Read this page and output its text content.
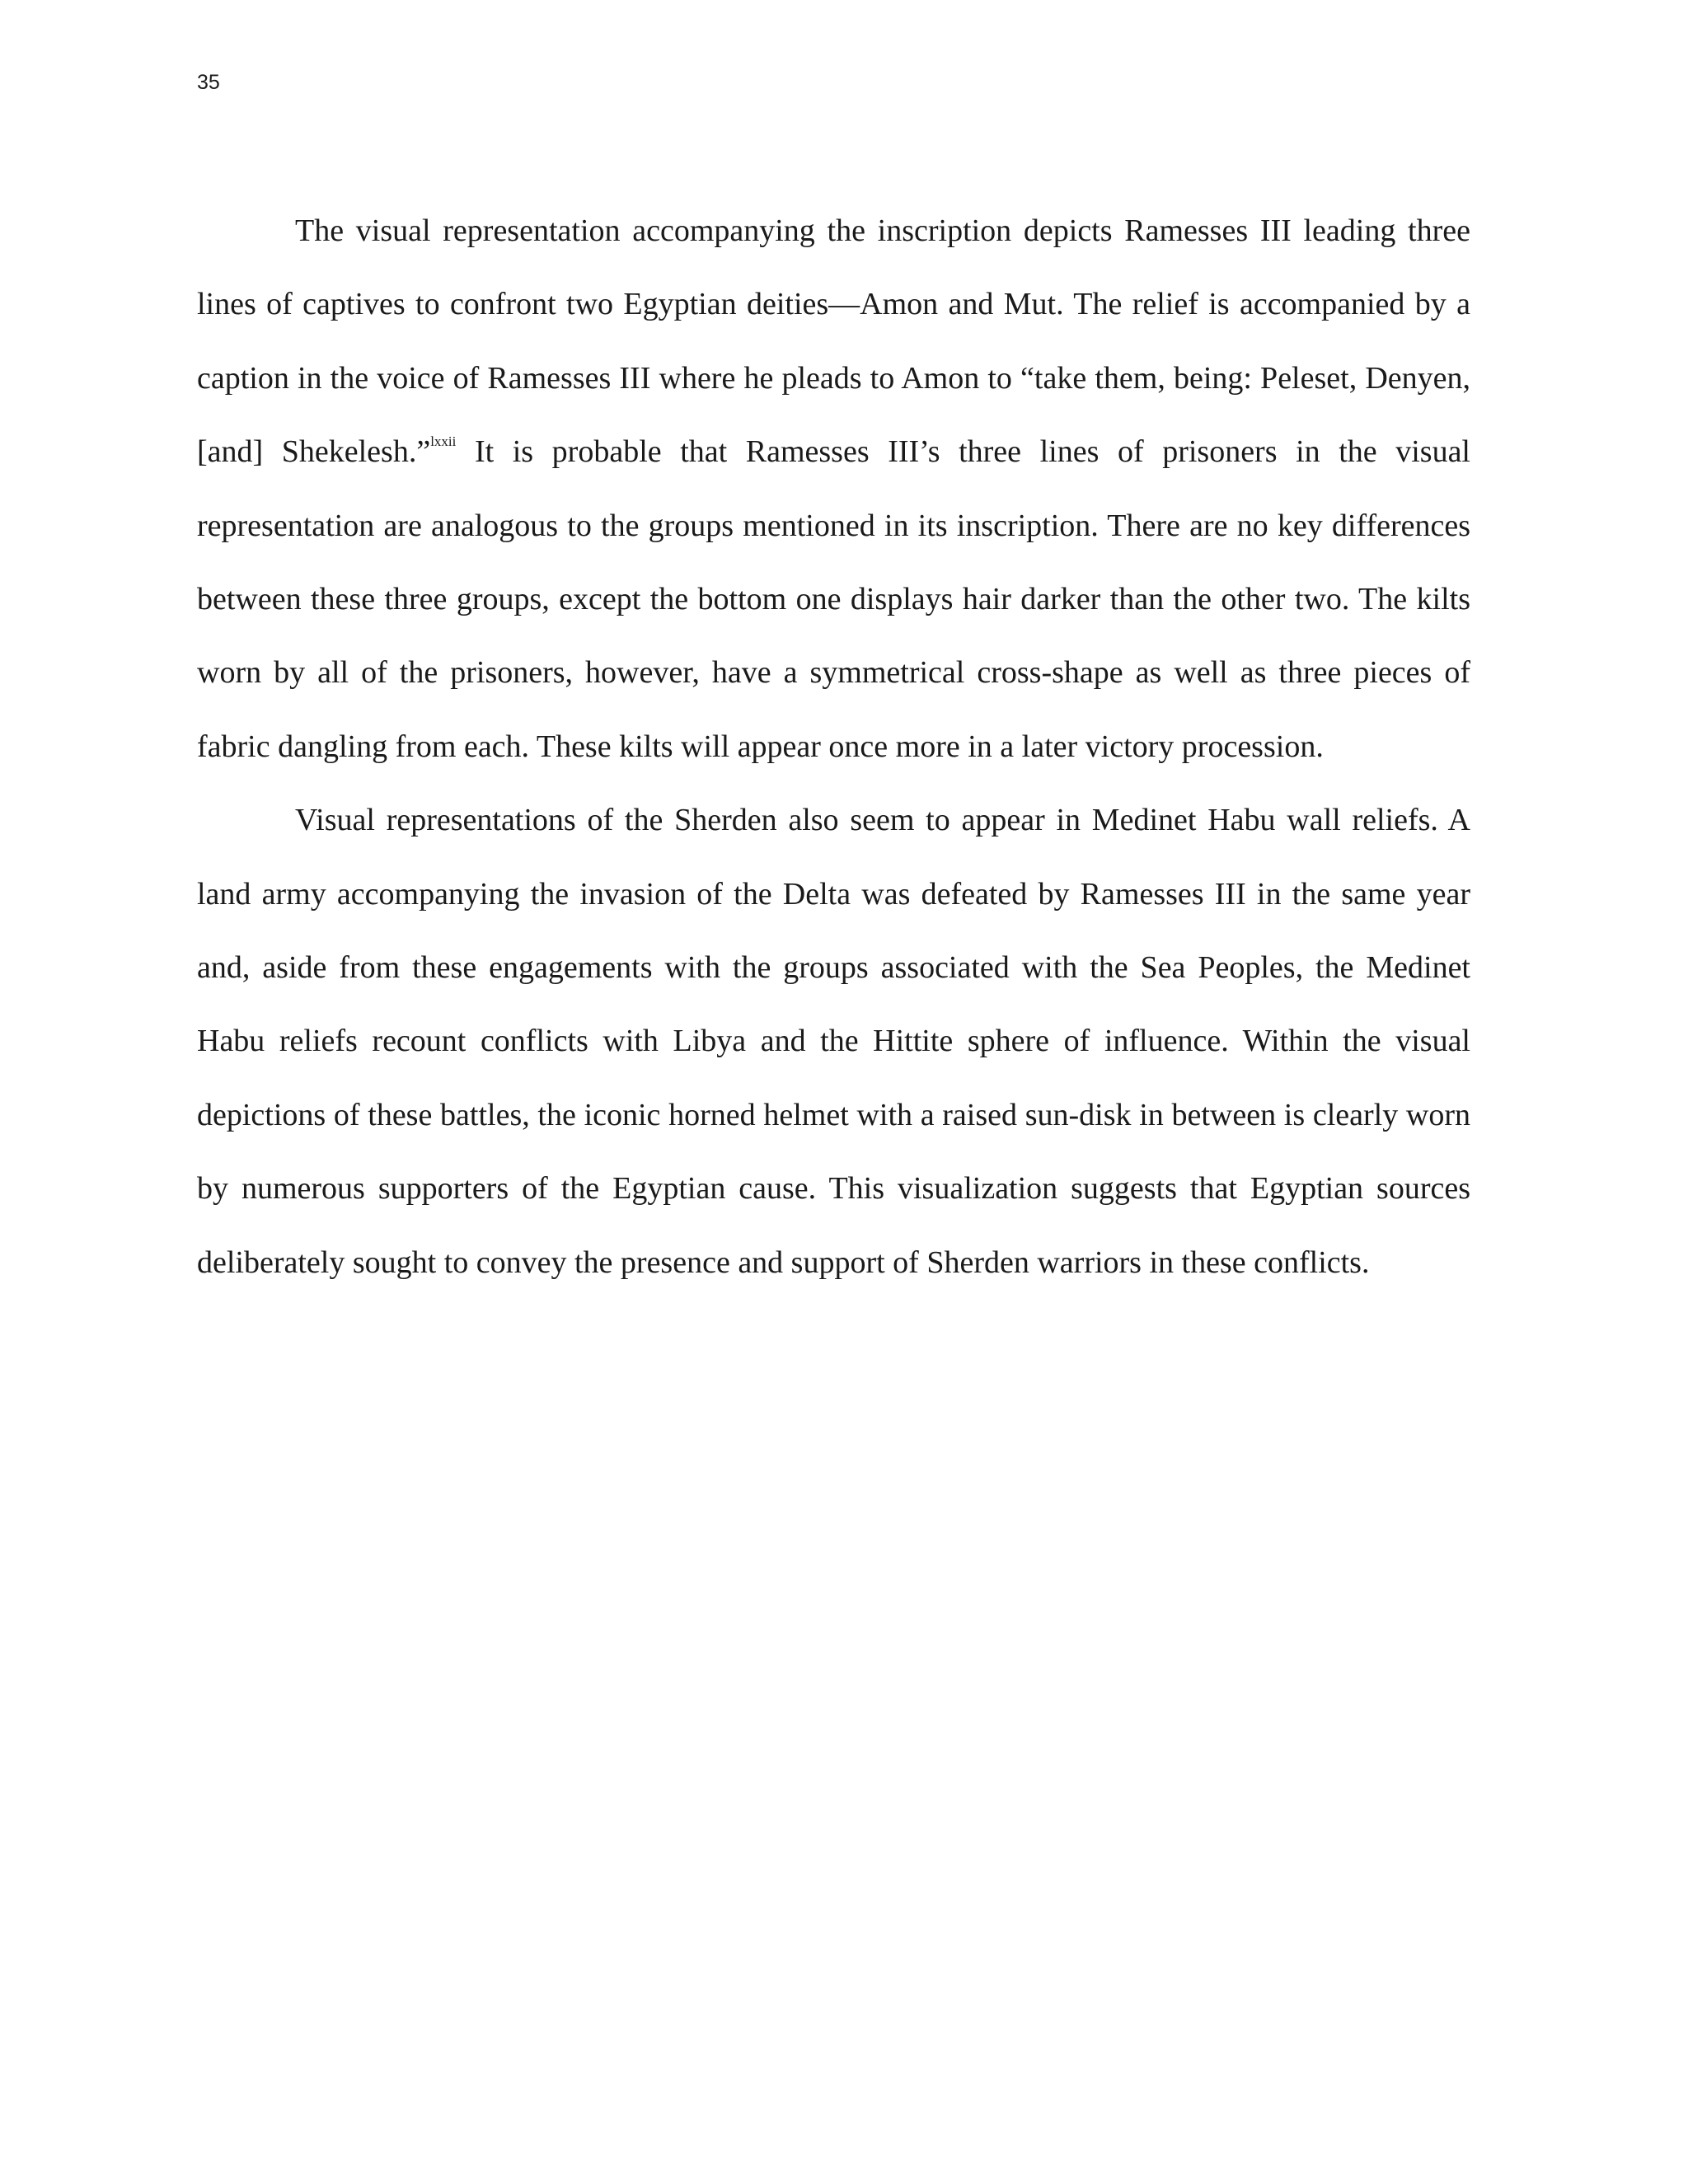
35

The visual representation accompanying the inscription depicts Ramesses III leading three lines of captives to confront two Egyptian deities—Amon and Mut. The relief is accompanied by a caption in the voice of Ramesses III where he pleads to Amon to “take them, being: Peleset, Denyen, [and] Shekelesh.”$^{lxxii}$ It is probable that Ramesses III’s three lines of prisoners in the visual representation are analogous to the groups mentioned in its inscription. There are no key differences between these three groups, except the bottom one displays hair darker than the other two. The kilts worn by all of the prisoners, however, have a symmetrical cross-shape as well as three pieces of fabric dangling from each. These kilts will appear once more in a later victory procession.

Visual representations of the Sherden also seem to appear in Medinet Habu wall reliefs. A land army accompanying the invasion of the Delta was defeated by Ramesses III in the same year and, aside from these engagements with the groups associated with the Sea Peoples, the Medinet Habu reliefs recount conflicts with Libya and the Hittite sphere of influence. Within the visual depictions of these battles, the iconic horned helmet with a raised sun-disk in between is clearly worn by numerous supporters of the Egyptian cause. This visualization suggests that Egyptian sources deliberately sought to convey the presence and support of Sherden warriors in these conflicts.
